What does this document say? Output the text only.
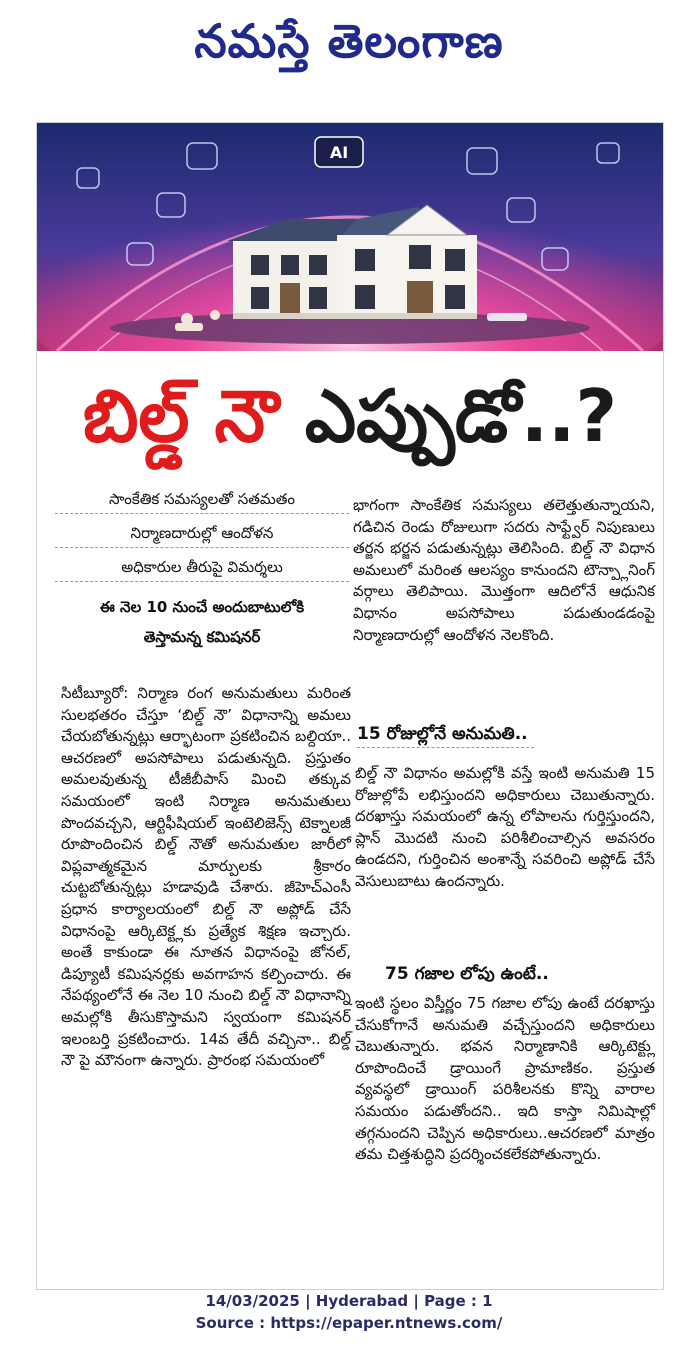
నమస్తే తెలంగాణ
AI
బిల్డ్ నౌ ఎప్పుడో..?
సాంకేతిక సమస్యలతో సతమతం
నిర్మాణదారుల్లో ఆందోళన
అధికారుల తీరుపై విమర్శలు
ఈ నెల 10 నుంచే అందుబాటులోకి
తెస్తామన్న కమిషనర్

సిటీబ్యూరో: నిర్మాణ రంగ అనుమతులు మరింత సులభతరం చేస్తూ ‘బిల్డ్ నౌ’ విధానాన్ని అమలు చేయబోతున్నట్లు ఆర్భాటంగా ప్రకటించిన బల్దియా.. ఆచరణలో అపసోపాలు పడుతున్నది. ప్రస్తుతం అమలవుతున్న టీజీబీపాస్ మించి తక్కువ సమయంలో ఇంటి నిర్మాణ అనుమతులు పొందవచ్చని, ఆర్టిఫీషియల్ ఇంటెలిజెన్స్ టెక్నాలజీ రూపొందించిన బిల్డ్ నౌతో అనుమతుల జారీలో విప్లవాత్మకమైన మార్పులకు శ్రీకారం చుట్టబోతున్నట్లు హడావుడి చేశారు. జీహెచ్ఎంసీ ప్రధాన కార్యాలయంలో బిల్డ్ నౌ అప్లోడ్ చేసే విధానంపై ఆర్కిటెక్ట్లకు ప్రత్యేక శిక్షణ ఇచ్చారు. అంతే కాకుండా ఈ నూతన విధానంపై జోనల్, డిప్యూటీ కమిషనర్లకు అవగాహన కల్పించారు. ఈ నేపథ్యంలోనే ఈ నెల 10 నుంచి బిల్డ్ నౌ విధానాన్ని అమల్లోకి తీసుకొస్తామని స్వయంగా కమిషనర్ ఇలంబర్తి ప్రకటించారు. 14వ తేదీ వచ్చినా.. బిల్డ్ నౌ పై మౌనంగా ఉన్నారు. ప్రారంభ సమయంలో

భాగంగా సాంకేతిక సమస్యలు తలెత్తుతున్నాయని, గడిచిన రెండు రోజులుగా సదరు సాఫ్ట్వేర్ నిపుణులు తర్జన భర్జన పడుతున్నట్లు తెలిసింది. బిల్డ్ నౌ విధాన అమలులో మరింత ఆలస్యం కానుందని టౌన్ప్లానింగ్ వర్గాలు తెలిపాయి. మొత్తంగా ఆదిలోనే ఆధునిక విధానం అపసోపాలు పడుతుండడంపై నిర్మాణదారుల్లో ఆందోళన నెలకొంది.

15 రోజుల్లోనే అనుమతి..

బిల్డ్ నౌ విధానం అమల్లోకి వస్తే ఇంటి అనుమతి 15 రోజుల్లోపే లభిస్తుందని అధికారులు చెబుతున్నారు. దరఖాస్తు సమయంలో ఉన్న లోపాలను గుర్తిస్తుందని, ప్లాన్ మొదటి నుంచి పరిశీలించాల్సిన అవసరం ఉండదని, గుర్తించిన అంశాన్నే సవరించి అప్లోడ్ చేసే వెసులుబాటు ఉందన్నారు.

75 గజాల లోపు ఉంటే..

ఇంటి స్థలం విస్తీర్ణం 75 గజాల లోపు ఉంటే దరఖాస్తు చేసుకోగానే అనుమతి వచ్చేస్తుందని అధికారులు చెబుతున్నారు. భవన నిర్మాణానికి ఆర్కిటెక్ట్లు రూపొందించే డ్రాయింగే ప్రామాణికం. ప్రస్తుత వ్యవస్థలో డ్రాయింగ్ పరిశీలనకు కొన్ని వారాల సమయం పడుతోందని.. ఇది కాస్తా నిమిషాల్లో తగ్గనుందని చెప్పిన అధికారులు..ఆచరణలో మాత్రం తమ చిత్తశుద్ధిని ప్రదర్శించకలేకపోతున్నారు.

14/03/2025 | Hyderabad | Page : 1
Source : https://epaper.ntnews.com/
